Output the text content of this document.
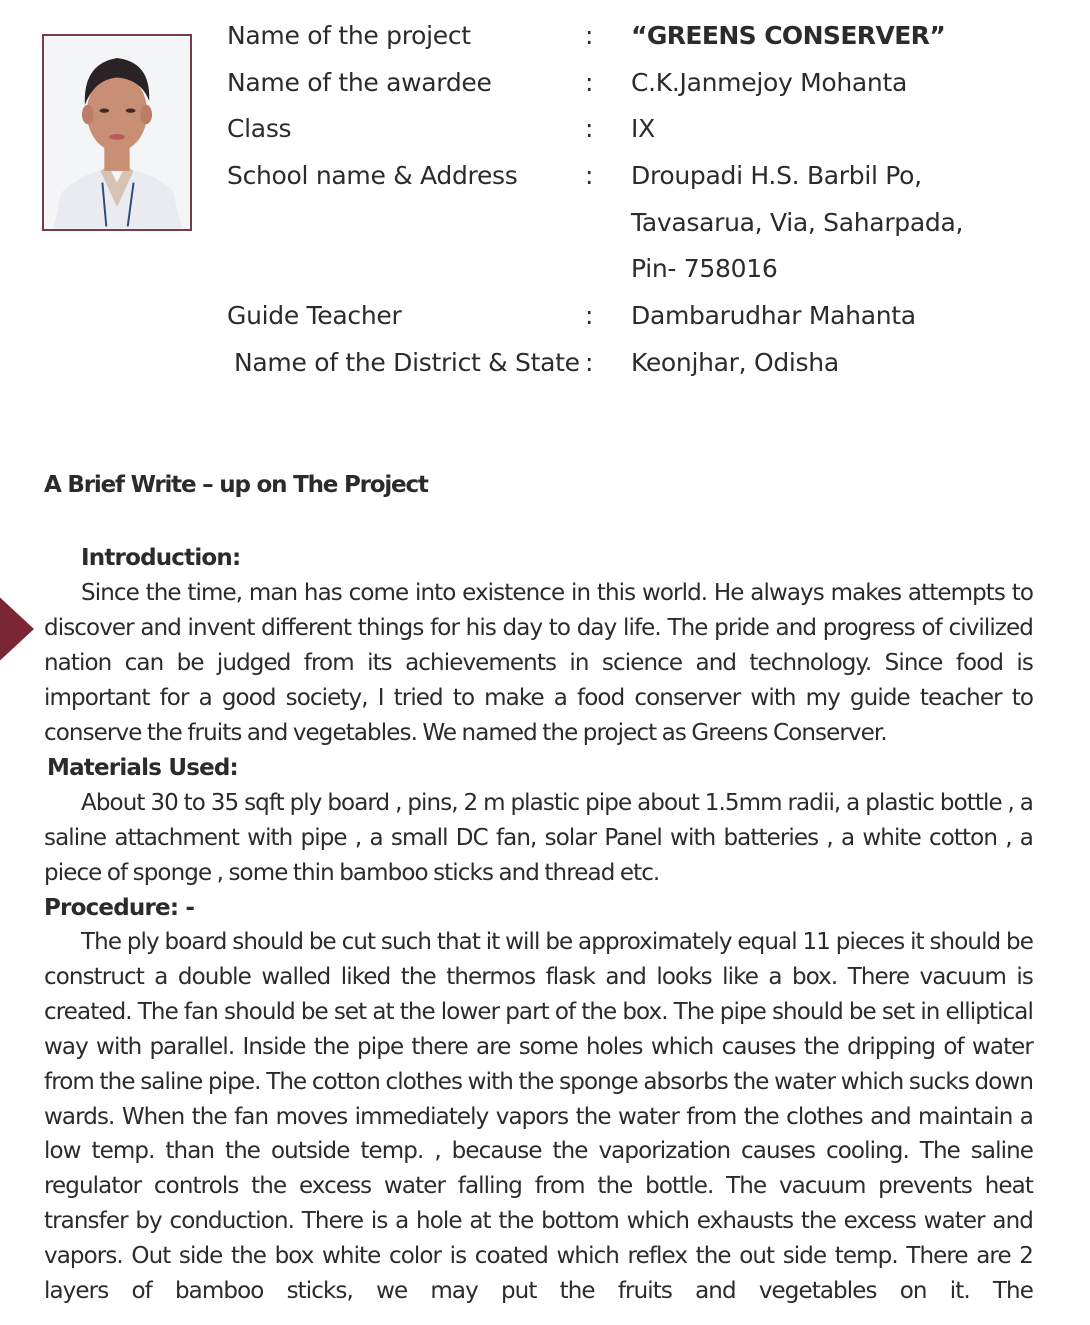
Name of the project	: “GREENS CONSERVER”
Name of the awardee	: C.K.Janmejoy Mohanta
Class	: IX
School name & Address	: Droupadi H.S. Barbil Po,
Tavasarua, Via, Saharpada,
Pin- 758016
Guide Teacher	: Dambarudhar Mahanta
Name of the District & State : Keonjhar, Odisha
A Brief Write – up on The Project
Introduction:
Since the time, man has come into existence in this world. He always makes attempts to discover and invent different things for his day to day life. The pride and progress of civilized nation can be judged from its achievements in science and technology. Since food is important for a good society, I tried to make a food conserver with my guide teacher to conserve the fruits and vegetables. We named the project as Greens Conserver.
Materials Used:
About 30 to 35 sqft ply board , pins, 2 m plastic pipe about 1.5mm radii, a plastic bottle , a saline attachment with pipe , a small DC fan, solar Panel with batteries , a white cotton , a piece of sponge , some thin bamboo sticks and thread etc.
Procedure: -
The ply board should be cut such that it will be approximately equal 11 pieces it should be construct a double walled liked the thermos flask and looks like a box. There vacuum is created. The fan should be set at the lower part of the box. The pipe should be set in elliptical way with parallel. Inside the pipe there are some holes which causes the dripping of water from the saline pipe. The cotton clothes with the sponge absorbs the water which sucks down wards. When the fan moves immediately vapors the water from the clothes and maintain a low temp. than the outside temp. , because the vaporization causes cooling. The saline regulator controls the excess water falling from the bottle. The vacuum prevents heat transfer by conduction. There is a hole at the bottom which exhausts the excess water and vapors. Out side the box white color is coated which reflex the out side temp. There are 2 layers of bamboo sticks, we may put the fruits and vegetables on it. The
